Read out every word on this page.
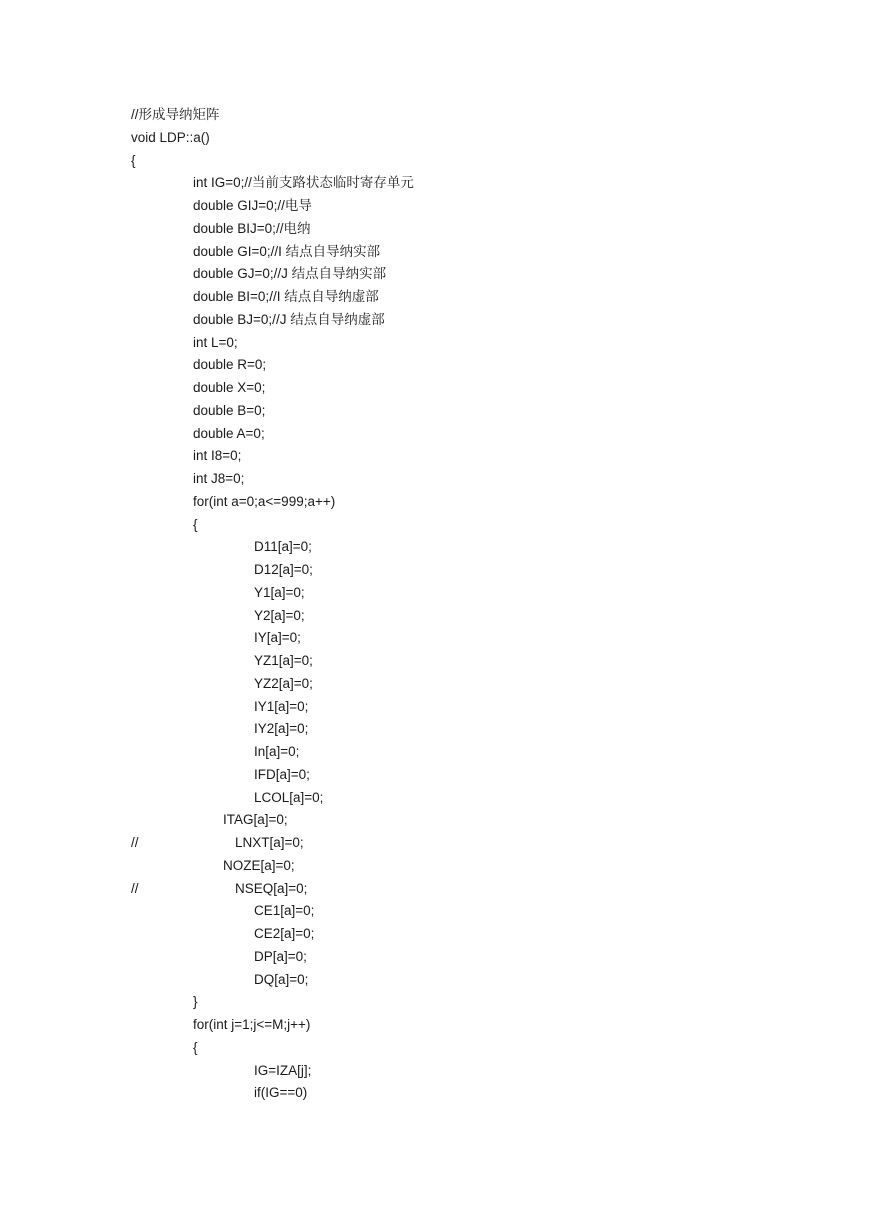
//形成导纳矩阵
void LDP::a()
{
int IG=0;//当前支路状态临时寄存单元
double GIJ=0;//电导
double BIJ=0;//电纳
double GI=0;//I 结点自导纳实部
double GJ=0;//J 结点自导纳实部
double BI=0;//I 结点自导纳虚部
double BJ=0;//J 结点自导纳虚部
int L=0;
double R=0;
double X=0;
double B=0;
double A=0;
int I8=0;
int J8=0;
for(int a=0;a<=999;a++)
{
D11[a]=0;
D12[a]=0;
Y1[a]=0;
Y2[a]=0;
IY[a]=0;
YZ1[a]=0;
YZ2[a]=0;
IY1[a]=0;
IY2[a]=0;
In[a]=0;
IFD[a]=0;
LCOL[a]=0;
ITAG[a]=0;
//	LNXT[a]=0;
NOZE[a]=0;
//	NSEQ[a]=0;
CE1[a]=0;
CE2[a]=0;
DP[a]=0;
DQ[a]=0;
}
for(int j=1;j<=M;j++)
{
IG=IZA[j];
if(IG==0)
